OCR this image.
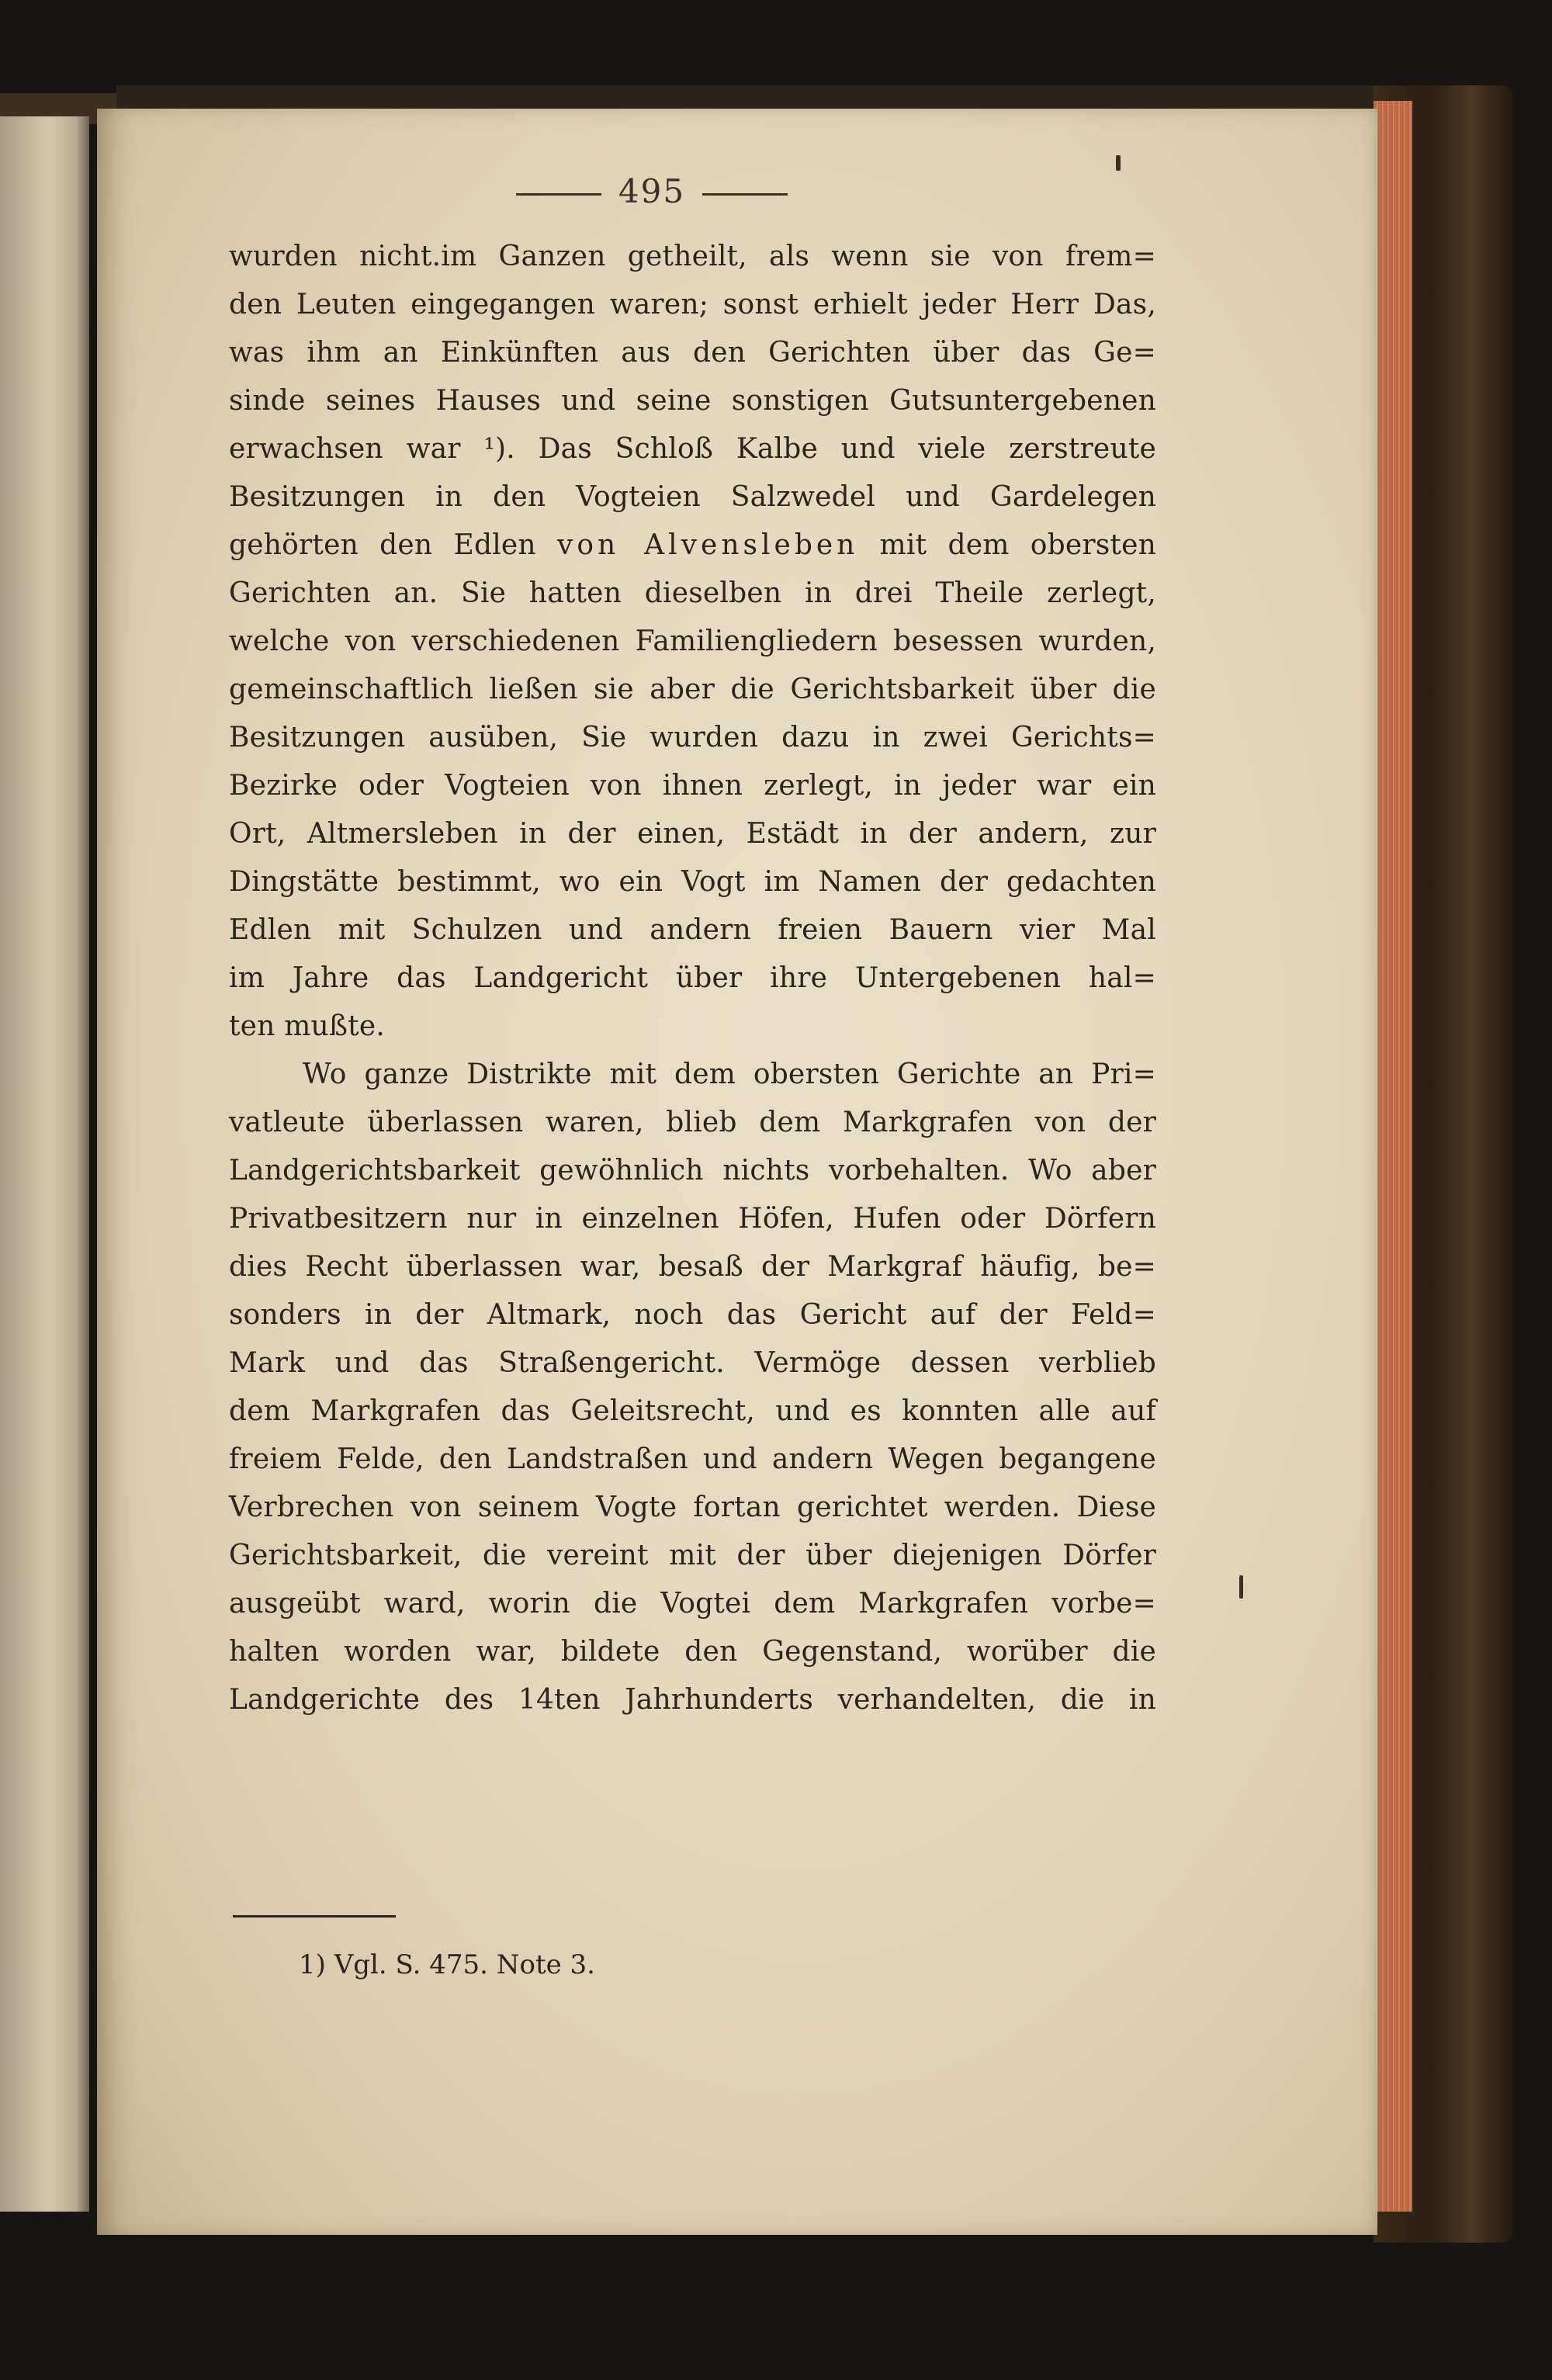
495
wurden nicht.im Ganzen getheilt, als wenn sie von frem=
den Leuten eingegangen waren; sonst erhielt jeder Herr Das,
was ihm an Einkünften aus den Gerichten über das Ge=
sinde seines Hauses und seine sonstigen Gutsuntergebenen
erwachsen war ¹). Das Schloß Kalbe und viele zerstreute
Besitzungen in den Vogteien Salzwedel und Gardelegen
gehörten den Edlen von Alvensleben mit dem obersten
Gerichten an. Sie hatten dieselben in drei Theile zerlegt,
welche von verschiedenen Familiengliedern besessen wurden,
gemeinschaftlich ließen sie aber die Gerichtsbarkeit über die
Besitzungen ausüben, Sie wurden dazu in zwei Gerichts=
Bezirke oder Vogteien von ihnen zerlegt, in jeder war ein
Ort, Altmersleben in der einen, Estädt in der andern, zur
Dingstätte bestimmt, wo ein Vogt im Namen der gedachten
Edlen mit Schulzen und andern freien Bauern vier Mal
im Jahre das Landgericht über ihre Untergebenen hal=
ten mußte.
Wo ganze Distrikte mit dem obersten Gerichte an Pri=
vatleute überlassen waren, blieb dem Markgrafen von der
Landgerichtsbarkeit gewöhnlich nichts vorbehalten. Wo aber
Privatbesitzern nur in einzelnen Höfen, Hufen oder Dörfern
dies Recht überlassen war, besaß der Markgraf häufig, be=
sonders in der Altmark, noch das Gericht auf der Feld=
Mark und das Straßengericht. Vermöge dessen verblieb
dem Markgrafen das Geleitsrecht, und es konnten alle auf
freiem Felde, den Landstraßen und andern Wegen begangene
Verbrechen von seinem Vogte fortan gerichtet werden. Diese
Gerichtsbarkeit, die vereint mit der über diejenigen Dörfer
ausgeübt ward, worin die Vogtei dem Markgrafen vorbe=
halten worden war, bildete den Gegenstand, worüber die
Landgerichte des 14ten Jahrhunderts verhandelten, die in
1) Vgl. S. 475. Note 3.
